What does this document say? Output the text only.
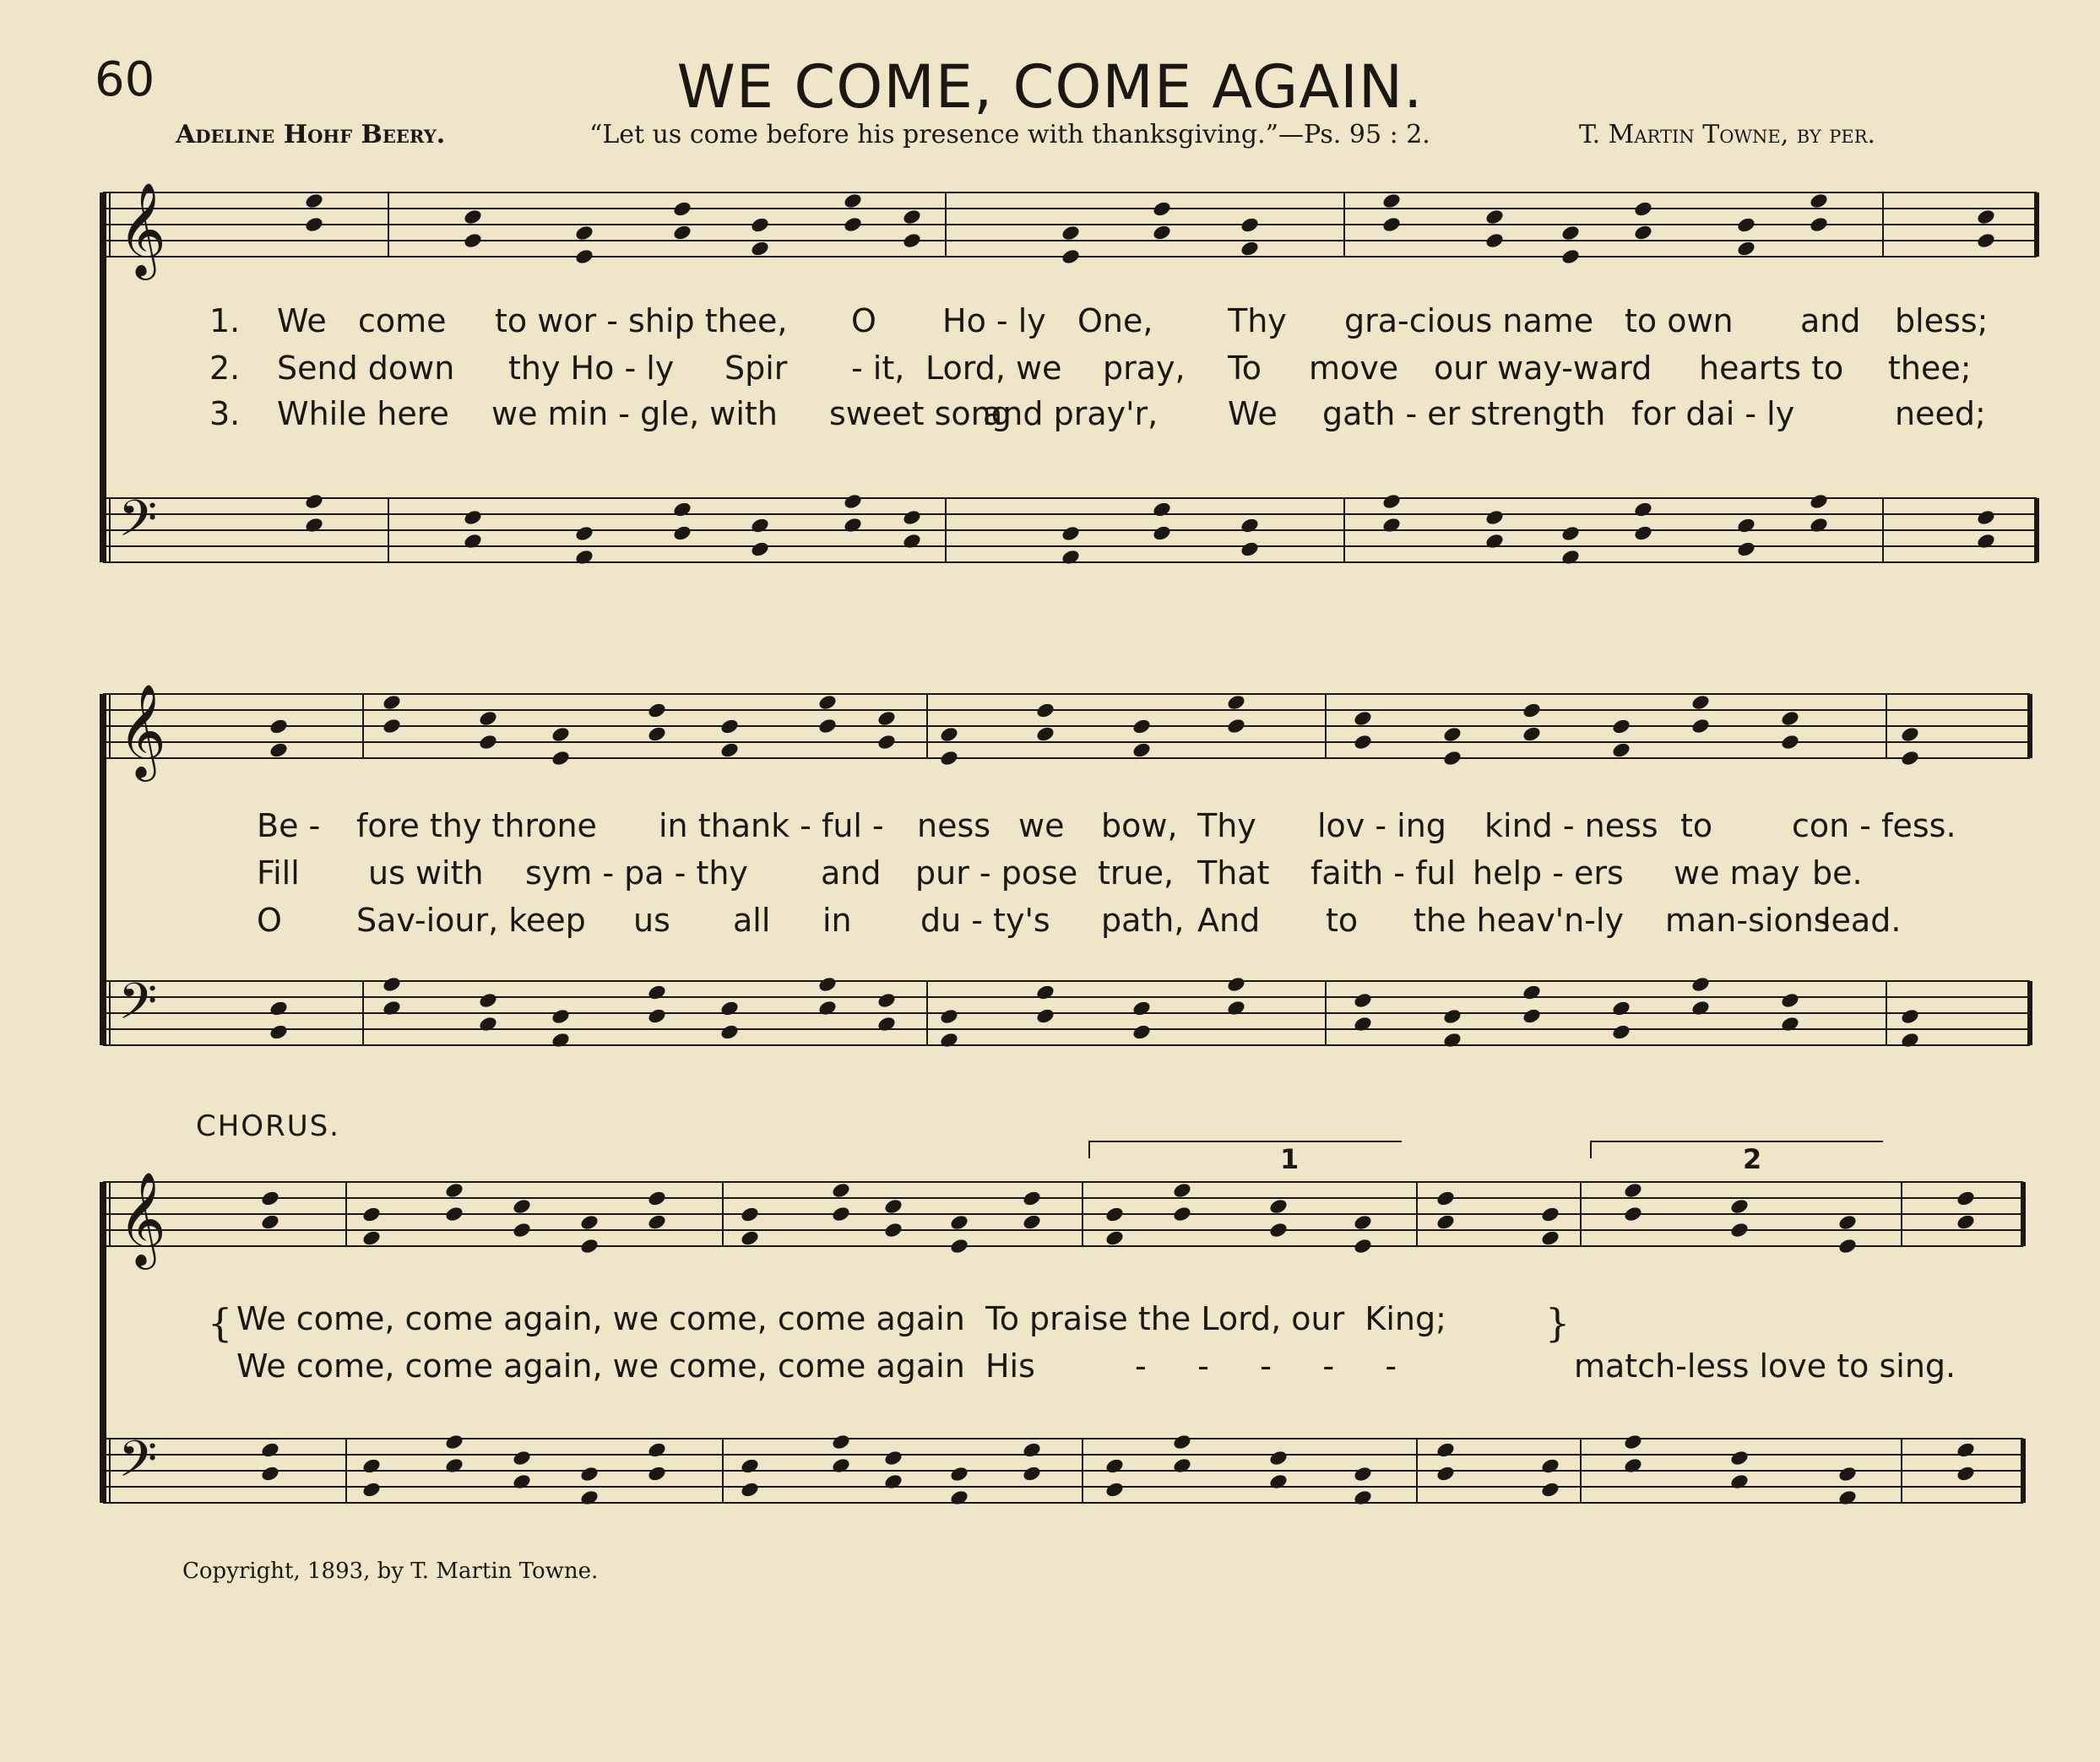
60	WE COME, COME AGAIN.
Adeline Hohf Beery.	“Let us come before his presence with thanksgiving.”—Ps. 95 : 2.	T. Martin Towne, by per.
𝄞
𝄢
𝄞
𝄢
𝄞
𝄢
1. We come to wor - ship thee, O Ho - ly One, Thy gra-cious name to own and bless;
2. Send down thy Ho - ly Spir - it, Lord, we pray, To move our way-ward hearts to thee;
3. While here we min - gle, with sweet song
and pray'r, We gath - er strength for dai - ly	need;
Be - fore thy throne in thank - ful - ness we bow, Thy lov - ing kind - ness to con - fess.
Fill us with sym - pa - thy and pur - pose true, That faith - ful help - ers we may be.
O Sav-iour, keep us all in du - ty's path, And to the heav'n-ly man-sions
lead.
CHORUS.
{	}
We come, come again, we come, come again  To praise the Lord, our  King;

We come, come again, we come, come again  His

	-     -     -     -     -

	match-less love to sing.

1	2
Copyright, 1893, by T. Martin Towne.
